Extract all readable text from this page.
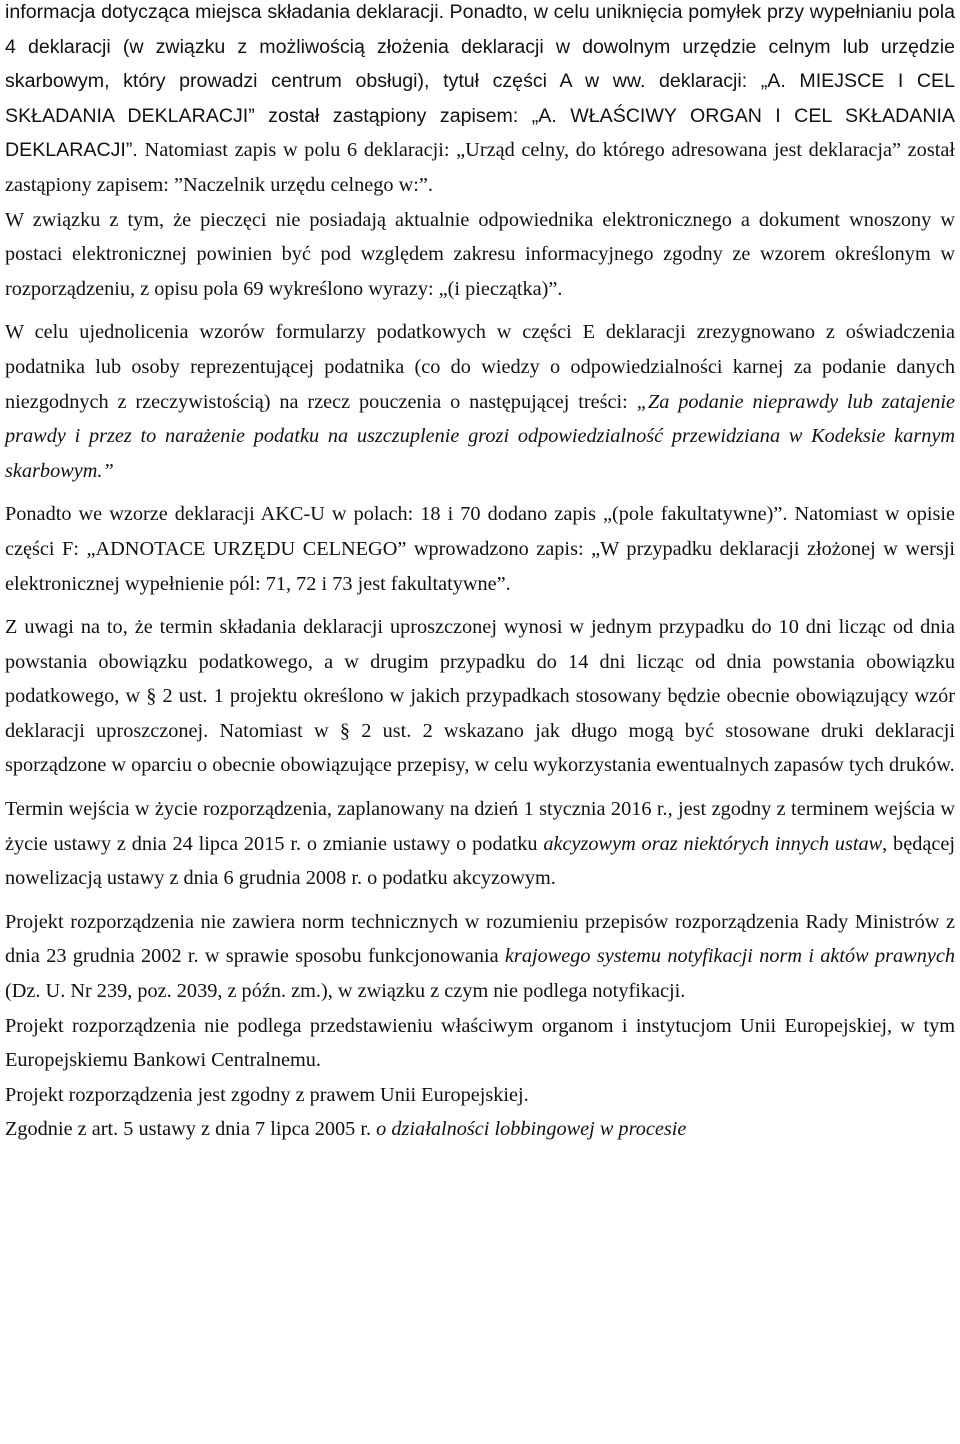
informacja dotycząca miejsca składania deklaracji. Ponadto, w celu uniknięcia pomyłek przy wypełnianiu pola 4 deklaracji (w związku z możliwością złożenia deklaracji w dowolnym urzędzie celnym lub urzędzie skarbowym, który prowadzi centrum obsługi), tytuł części A w ww. deklaracji: „A. MIEJSCE I CEL SKŁADANIA DEKLARACJI” został zastąpiony zapisem: „A. WŁAŚCIWY ORGAN I CEL SKŁADANIA DEKLARACJI”. Natomiast zapis w polu 6 deklaracji: „Urząd celny, do którego adresowana jest deklaracja” został zastąpiony zapisem: ”Naczelnik urzędu celnego w:”.

W związku z tym, że pieczęci nie posiadają aktualnie odpowiednika elektronicznego a dokument wnoszony w postaci elektronicznej powinien być pod względem zakresu informacyjnego zgodny ze wzorem określonym w rozporządzeniu, z opisu pola 69 wykreślono wyrazy: „(i pieczątka)”.

W celu ujednolicenia wzorów formularzy podatkowych w części E deklaracji zrezygnowano z oświadczenia podatnika lub osoby reprezentującej podatnika (co do wiedzy o odpowiedzialności karnej za podanie danych niezgodnych z rzeczywistością) na rzecz pouczenia o następującej treści: „Za podanie nieprawdy lub zatajenie prawdy i przez to narażenie podatku na uszczuplenie grozi odpowiedzialność przewidziana w Kodeksie karnym skarbowym.”

Ponadto we wzorze deklaracji AKC-U w polach: 18 i 70 dodano zapis „(pole fakultatywne)”. Natomiast w opisie części F: „ADNOTACE URZĘDU CELNEGO” wprowadzono zapis: „W przypadku deklaracji złożonej w wersji elektronicznej wypełnienie pól: 71, 72 i 73 jest fakultatywne”.

Z uwagi na to, że termin składania deklaracji uproszczonej wynosi w jednym przypadku do 10 dni licząc od dnia powstania obowiązku podatkowego, a w drugim przypadku do 14 dni licząc od dnia powstania obowiązku podatkowego, w § 2 ust. 1 projektu określono w jakich przypadkach stosowany będzie obecnie obowiązujący wzór deklaracji uproszczonej. Natomiast w § 2 ust. 2 wskazano jak długo mogą być stosowane druki deklaracji sporządzone w oparciu o obecnie obowiązujące przepisy, w celu wykorzystania ewentualnych zapasów tych druków.

Termin wejścia w życie rozporządzenia, zaplanowany na dzień 1 stycznia 2016 r., jest zgodny z terminem wejścia w życie ustawy z dnia 24 lipca 2015 r. o zmianie ustawy o podatku akcyzowym oraz niektórych innych ustaw, będącej nowelizacją ustawy z dnia 6 grudnia 2008 r. o podatku akcyzowym.

Projekt rozporządzenia nie zawiera norm technicznych w rozumieniu przepisów rozporządzenia Rady Ministrów z dnia 23 grudnia 2002 r. w sprawie sposobu funkcjonowania krajowego systemu notyfikacji norm i aktów prawnych (Dz. U. Nr 239, poz. 2039, z późn. zm.), w związku z czym nie podlega notyfikacji.

Projekt rozporządzenia nie podlega przedstawieniu właściwym organom i instytucjom Unii Europejskiej, w tym Europejskiemu Bankowi Centralnemu.

Projekt rozporządzenia jest zgodny z prawem Unii Europejskiej.

Zgodnie z art. 5 ustawy z dnia 7 lipca 2005 r. o działalności lobbingowej w procesie
